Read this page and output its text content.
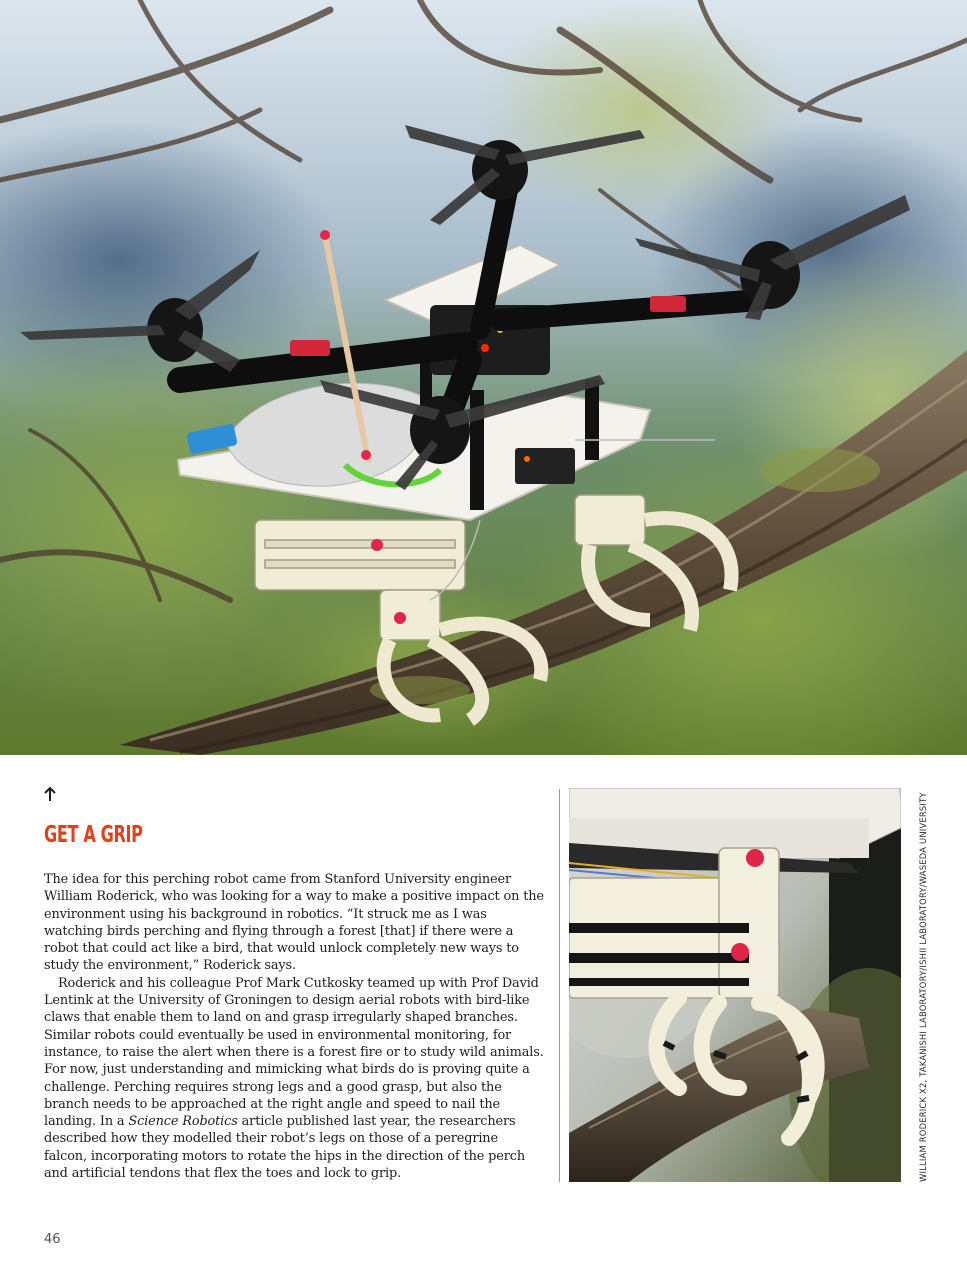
GET A GRIP

The idea for this perching robot came from Stanford University engineer William Roderick, who was looking for a way to make a positive impact on the environment using his background in robotics. “It struck me as I was watching birds perching and flying through a forest [that] if there were a robot that could act like a bird, that would unlock completely new ways to study the environment,” Roderick says.

Roderick and his colleague Prof Mark Cutkosky teamed up with Prof David Lentink at the University of Groningen to design aerial robots with bird-like claws that enable them to land on and grasp irregularly shaped branches. Similar robots could eventually be used in environmental monitoring, for instance, to raise the alert when there is a forest fire or to study wild animals. For now, just understanding and mimicking what birds do is proving quite a challenge. Perching requires strong legs and a good grasp, but also the branch needs to be approached at the right angle and speed to nail the landing. In a Science Robotics article published last year, the researchers described how they modelled their robot’s legs on those of a peregrine falcon, incorporating motors to rotate the hips in the direction of the perch and artificial tendons that flex the toes and lock to grip.	WILLIAM RODERICK X2, TAKANISHI LABORATORY/ISHII LABORATORY/WASEDA UNIVERSITY
46
